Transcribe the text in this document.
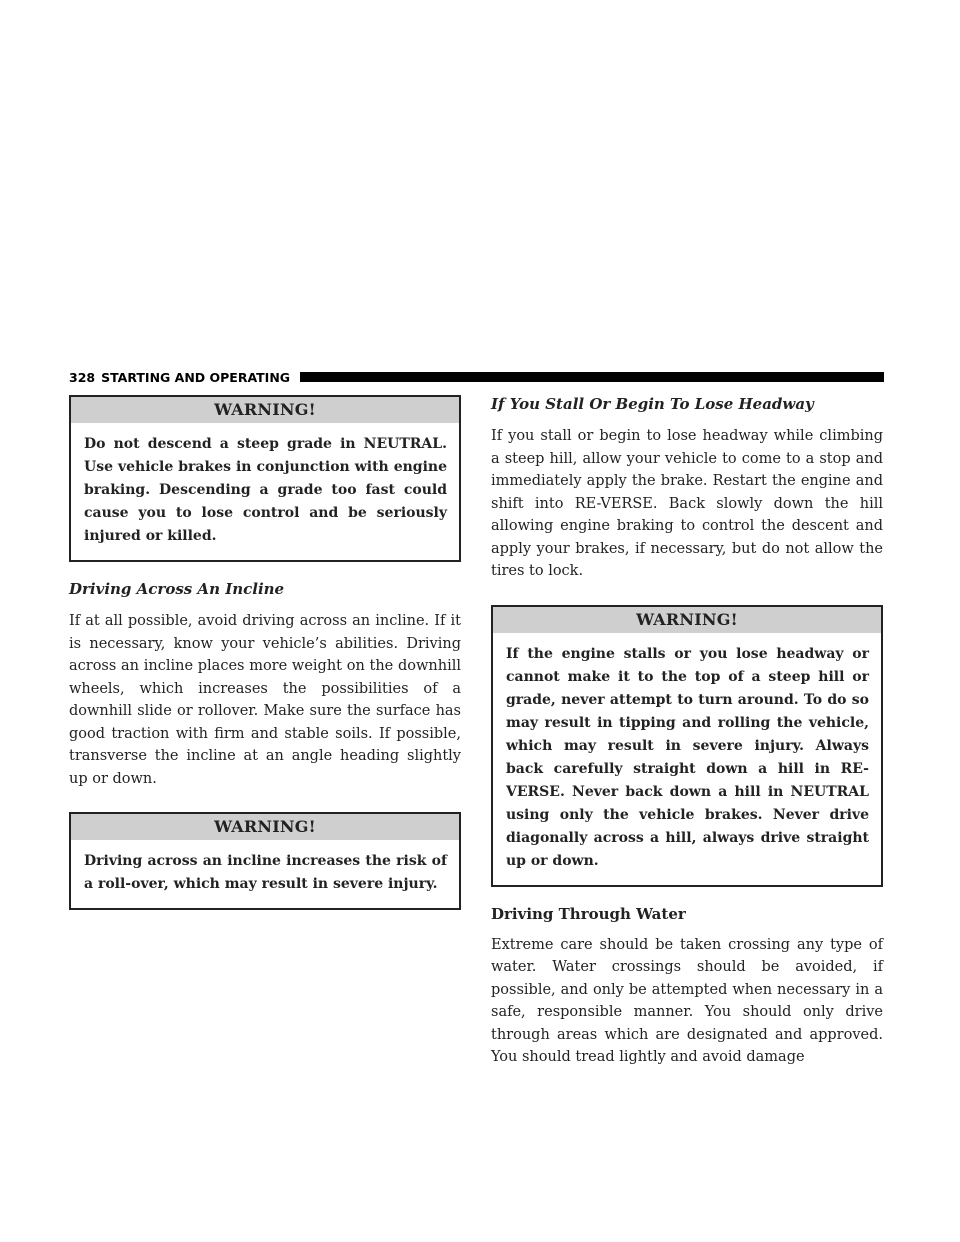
328 STARTING AND OPERATING
WARNING!

Do not descend a steep grade in NEUTRAL. Use vehicle brakes in conjunction with engine braking. Descending a grade too fast could cause you to lose control and be seriously injured or killed.

Driving Across An Incline

If at all possible, avoid driving across an incline. If it is necessary, know your vehicle’s abilities. Driving across an incline places more weight on the downhill wheels, which increases the possibilities of a downhill slide or rollover. Make sure the surface has good traction with firm and stable soils. If possible, transverse the incline at an angle heading slightly up or down.

WARNING!

Driving across an incline increases the risk of a roll-over, which may result in severe injury.

If You Stall Or Begin To Lose Headway

If you stall or begin to lose headway while climbing a steep hill, allow your vehicle to come to a stop and immediately apply the brake. Restart the engine and shift into RE-VERSE. Back slowly down the hill allowing engine braking to control the descent and apply your brakes, if necessary, but do not allow the tires to lock.

WARNING!

If the engine stalls or you lose headway or cannot make it to the top of a steep hill or grade, never attempt to turn around. To do so may result in tipping and rolling the vehicle, which may result in severe injury. Always back carefully straight down a hill in RE-VERSE. Never back down a hill in NEUTRAL using only the vehicle brakes. Never drive diagonally across a hill, always drive straight up or down.

Driving Through Water

Extreme care should be taken crossing any type of water. Water crossings should be avoided, if possible, and only be attempted when necessary in a safe, responsible manner. You should only drive through areas which are designated and approved. You should tread lightly and avoid damage
